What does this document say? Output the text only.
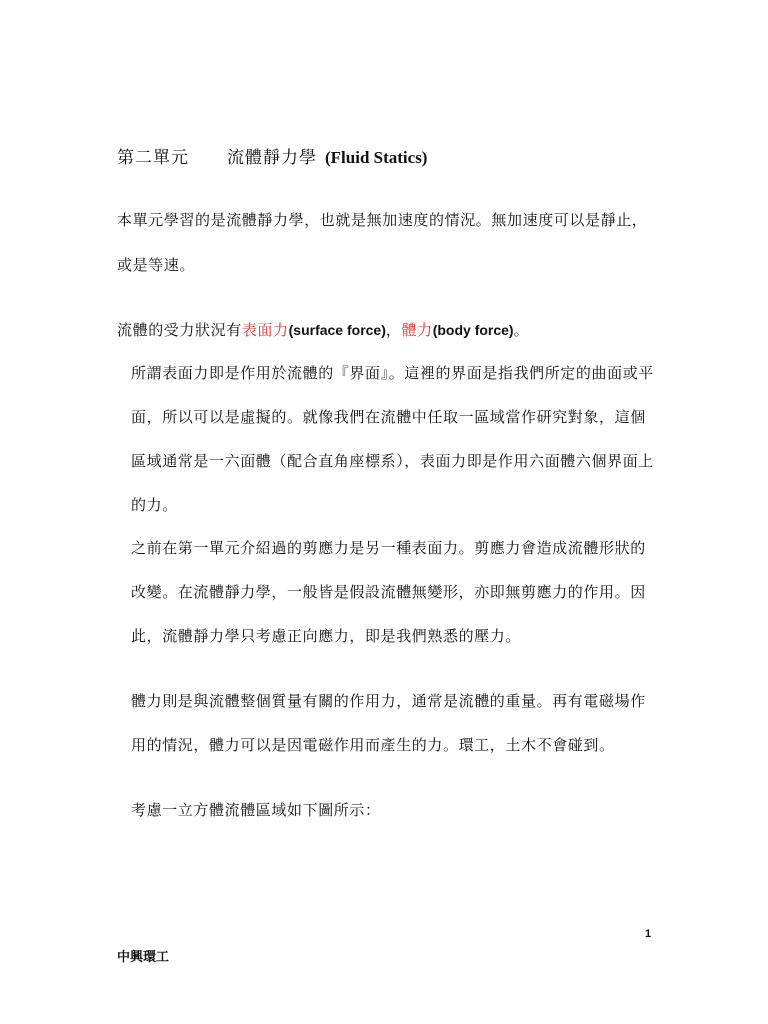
第二單元 流體靜力學 (Fluid Statics)
本單元學習的是流體靜力學，也就是無加速度的情況。無加速度可以是靜止，
或是等速。
流體的受力狀況有表面力(surface force)，體力(body force)。
所謂表面力即是作用於流體的『界面』。這裡的界面是指我們所定的曲面或平
面，所以可以是虛擬的。就像我們在流體中任取一區域當作研究對象，這個
區域通常是一六面體（配合直角座標系），表面力即是作用六面體六個界面上
的力。
之前在第一單元介紹過的剪應力是另一種表面力。剪應力會造成流體形狀的
改變。在流體靜力學，一般皆是假設流體無變形，亦即無剪應力的作用。因
此，流體靜力學只考慮正向應力，即是我們熟悉的壓力。
體力則是與流體整個質量有關的作用力，通常是流體的重量。再有電磁場作
用的情況，體力可以是因電磁作用而產生的力。環工，土木不會碰到。
考慮一立方體流體區域如下圖所示：
1
中興環工
